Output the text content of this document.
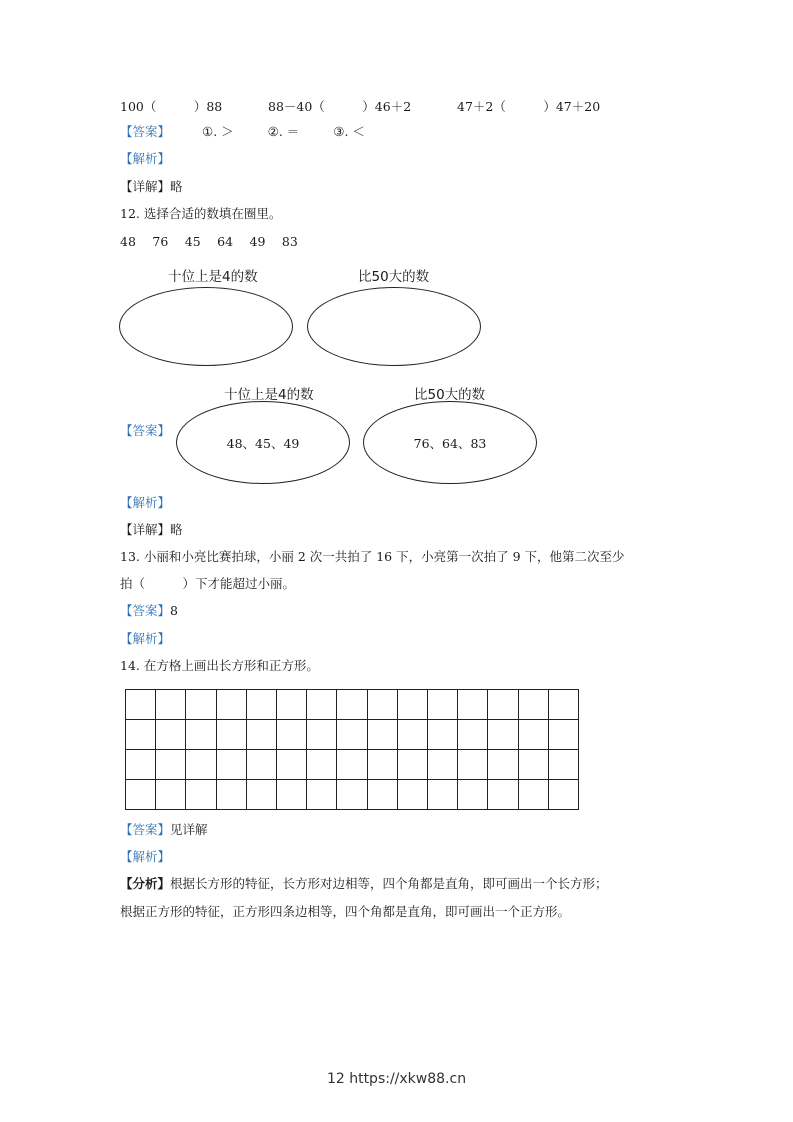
100（　　　）88	88－40（　　　）46＋2	47＋2（　　　）47＋20
【答案】	①. ＞	②. ＝	③. ＜
【解析】
【详解】略
12. 选择合适的数填在圈里。
48　 76　 45　 64　 49　 83
十位上是4的数	比50大的数
【答案】
十位上是4的数	比50大的数
48、45、49	76、64、83
【解析】
【详解】略
13. 小丽和小亮比赛拍球，小丽 2 次一共拍了 16 下，小亮第一次拍了 9 下，他第二次至少
拍（　　　）下才能超过小丽。
【答案】8
【解析】
14. 在方格上画出长方形和正方形。
【答案】见详解
【解析】
【分析】根据长方形的特征，长方形对边相等，四个角都是直角，即可画出一个长方形；
根据正方形的特征，正方形四条边相等，四个角都是直角，即可画出一个正方形。
12 https://xkw88.cn
